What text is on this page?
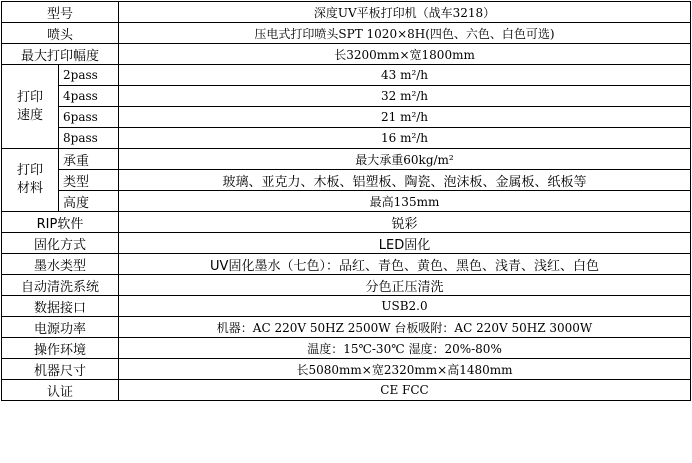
型号		深度UV平板打印机（战车3218）
喷头		压电式打印喷头SPT 1020×8H(四色、六色、白色可选)
最大打印幅度		长3200mm×宽1800mm
打印
速度	2pass	43 m²/h
	4pass	32 m²/h
	6pass	21 m²/h
	8pass	16 m²/h
打印
材料	承重	最大承重60kg/m²
	类型	玻璃、亚克力、木板、铝塑板、陶瓷、泡沫板、金属板、纸板等
	高度	最高135mm
RIP软件		锐彩
固化方式		LED固化
墨水类型		UV固化墨水（七色）：品红、青色、黄色、黑色、浅青、浅红、白色
自动清洗系统		分色正压清洗
数据接口		USB2.0
电源功率		机器：AC 220V 50HZ 2500W 台板吸附：AC 220V 50HZ 3000W
操作环境		温度：15℃-30℃ 湿度：20%-80%
机器尺寸		长5080mm×宽2320mm×高1480mm
认证		CE FCC
